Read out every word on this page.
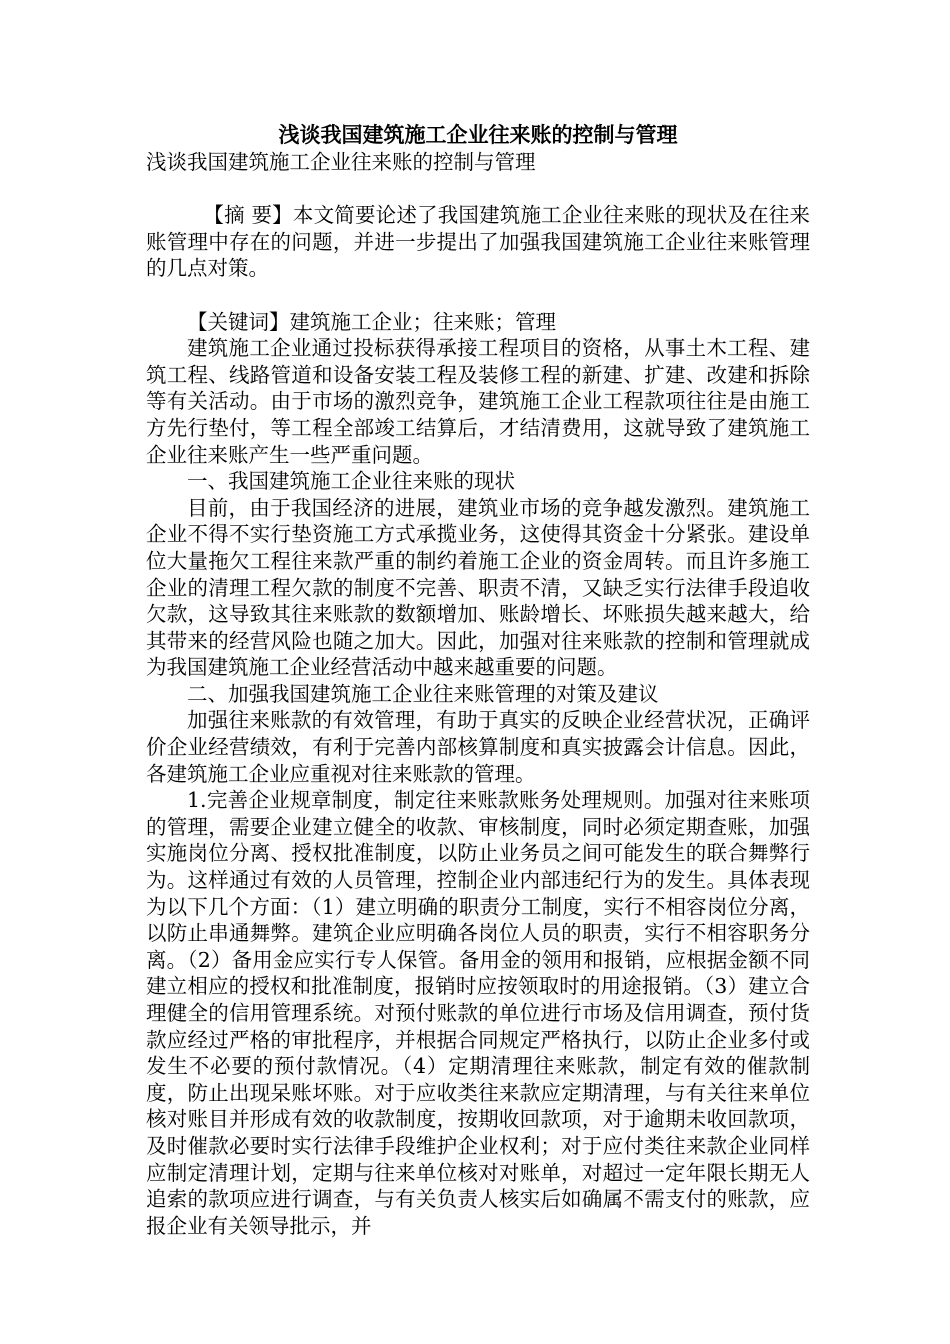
浅谈我国建筑施工企业往来账的控制与管理
浅谈我国建筑施工企业往来账的控制与管理

【摘 要】本文简要论述了我国建筑施工企业往来账的现状及在往来账管理中存在的问题，并进一步提出了加强我国建筑施工企业往来账管理的几点对策。

【关键词】建筑施工企业；往来账；管理

建筑施工企业通过投标获得承接工程项目的资格，从事土木工程、建筑工程、线路管道和设备安装工程及装修工程的新建、扩建、改建和拆除等有关活动。由于市场的激烈竞争，建筑施工企业工程款项往往是由施工方先行垫付，等工程全部竣工结算后，才结清费用，这就导致了建筑施工企业往来账产生一些严重问题。

一、我国建筑施工企业往来账的现状

目前，由于我国经济的进展，建筑业市场的竞争越发激烈。建筑施工企业不得不实行垫资施工方式承揽业务，这使得其资金十分紧张。建设单位大量拖欠工程往来款严重的制约着施工企业的资金周转。而且许多施工企业的清理工程欠款的制度不完善、职责不清，又缺乏实行法律手段追收欠款，这导致其往来账款的数额增加、账龄增长、坏账损失越来越大，给其带来的经营风险也随之加大。因此，加强对往来账款的控制和管理就成为我国建筑施工企业经营活动中越来越重要的问题。

二、加强我国建筑施工企业往来账管理的对策及建议

加强往来账款的有效管理，有助于真实的反映企业经营状况，正确评价企业经营绩效，有利于完善内部核算制度和真实披露会计信息。因此，各建筑施工企业应重视对往来账款的管理。

1.完善企业规章制度，制定往来账款账务处理规则。加强对往来账项的管理，需要企业建立健全的收款、审核制度，同时必须定期查账，加强实施岗位分离、授权批准制度，以防止业务员之间可能发生的联合舞弊行为。这样通过有效的人员管理，控制企业内部违纪行为的发生。具体表现为以下几个方面：（1）建立明确的职责分工制度，实行不相容岗位分离，以防止串通舞弊。建筑企业应明确各岗位人员的职责，实行不相容职务分离。（2）备用金应实行专人保管。备用金的领用和报销，应根据金额不同建立相应的授权和批准制度，报销时应按领取时的用途报销。（3）建立合理健全的信用管理系统。对预付账款的单位进行市场及信用调查，预付货款应经过严格的审批程序，并根据合同规定严格执行，以防止企业多付或发生不必要的预付款情况。（4）定期清理往来账款，制定有效的催款制度，防止出现呆账坏账。对于应收类往来款应定期清理，与有关往来单位核对账目并形成有效的收款制度，按期收回款项，对于逾期未收回款项，及时催款必要时实行法律手段维护企业权利；对于应付类往来款企业同样应制定清理计划，定期与往来单位核对对账单，对超过一定年限长期无人追索的款项应进行调查，与有关负责人核实后如确属不需支付的账款，应报企业有关领导批示，并
